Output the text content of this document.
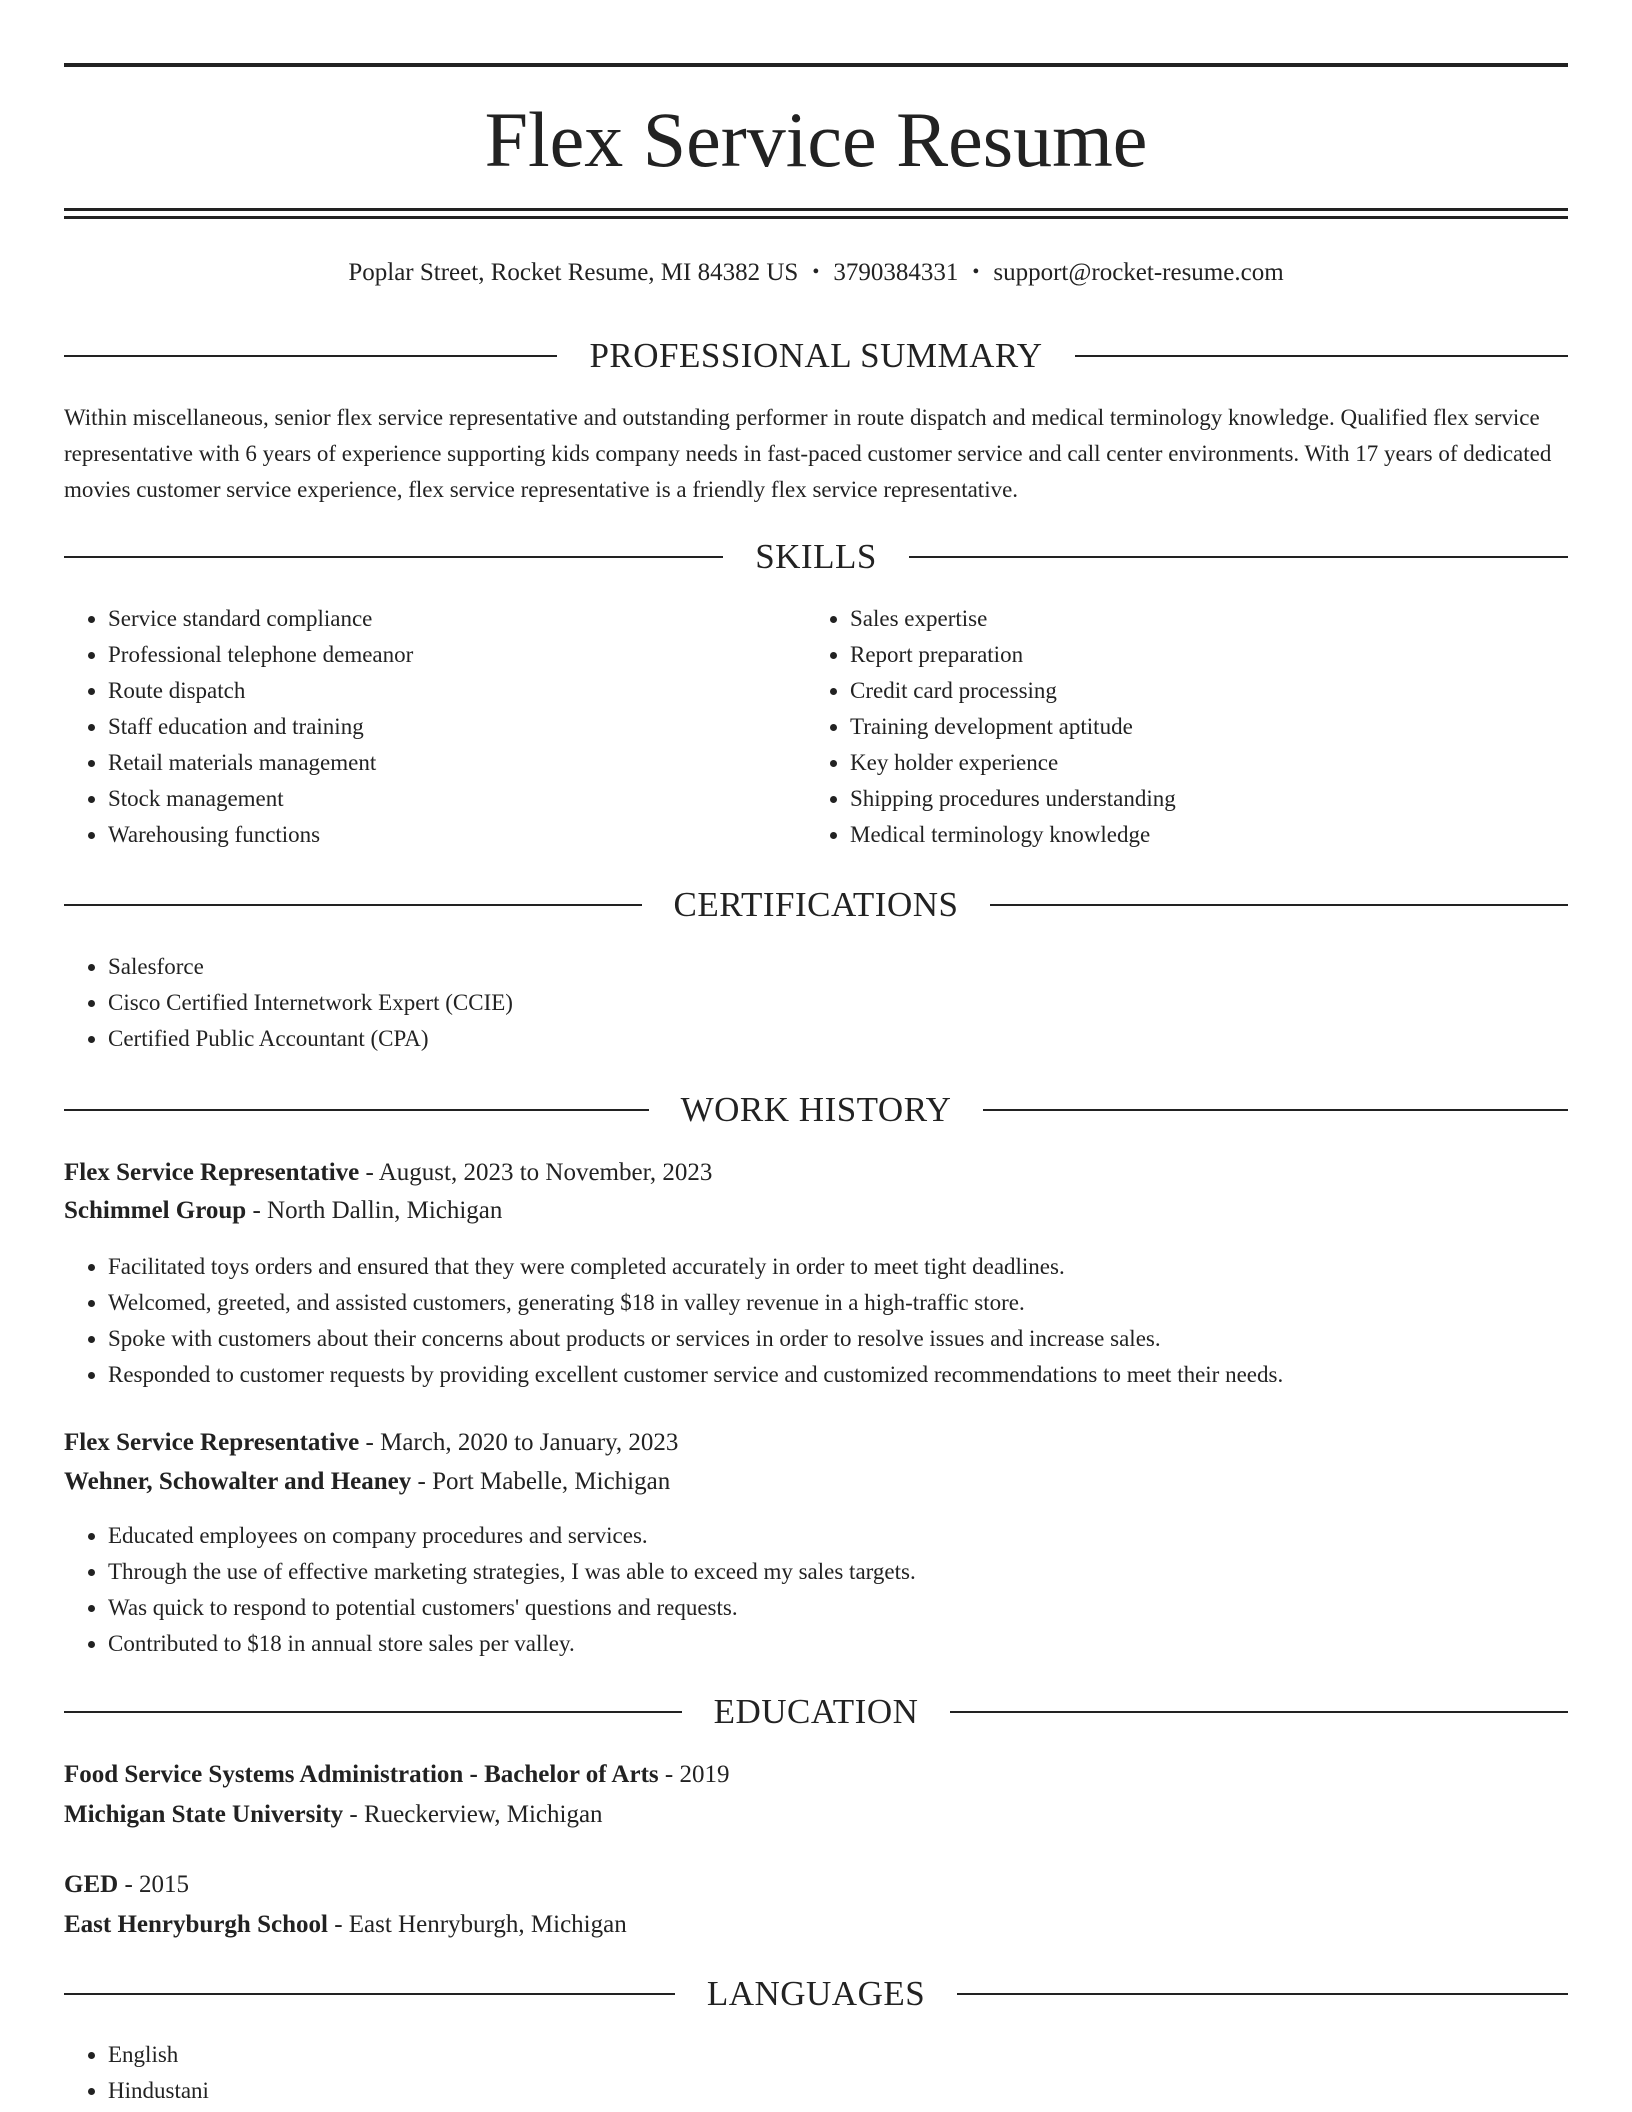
Flex Service Resume
Poplar Street, Rocket Resume, MI 84382 US • 3790384331 • support@rocket-resume.com
PROFESSIONAL SUMMARY

Within miscellaneous, senior flex service representative and outstanding performer in route dispatch and medical terminology knowledge. Qualified flex service representative with 6 years of experience supporting kids company needs in fast-paced customer service and call center environments. With 17 years of dedicated movies customer service experience, flex service representative is a friendly flex service representative.

SKILLS
• Service standard compliance
• Professional telephone demeanor
• Route dispatch
• Staff education and training
• Retail materials management
• Stock management
• Warehousing functions
• Sales expertise
• Report preparation
• Credit card processing
• Training development aptitude
• Key holder experience
• Shipping procedures understanding
• Medical terminology knowledge
CERTIFICATIONS
• Salesforce
• Cisco Certified Internetwork Expert (CCIE)
• Certified Public Accountant (CPA)
WORK HISTORY
Flex Service Representative - August, 2023 to November, 2023
Schimmel Group - North Dallin, Michigan
• Facilitated toys orders and ensured that they were completed accurately in order to meet tight deadlines.
• Welcomed, greeted, and assisted customers, generating $18 in valley revenue in a high-traffic store.
• Spoke with customers about their concerns about products or services in order to resolve issues and increase sales.
• Responded to customer requests by providing excellent customer service and customized recommendations to meet their needs.
Flex Service Representative - March, 2020 to January, 2023
Wehner, Schowalter and Heaney - Port Mabelle, Michigan
• Educated employees on company procedures and services.
• Through the use of effective marketing strategies, I was able to exceed my sales targets.
• Was quick to respond to potential customers' questions and requests.
• Contributed to $18 in annual store sales per valley.
EDUCATION
Food Service Systems Administration - Bachelor of Arts - 2019
Michigan State University - Rueckerview, Michigan
GED - 2015
East Henryburgh School - East Henryburgh, Michigan
LANGUAGES
• English
• Hindustani
